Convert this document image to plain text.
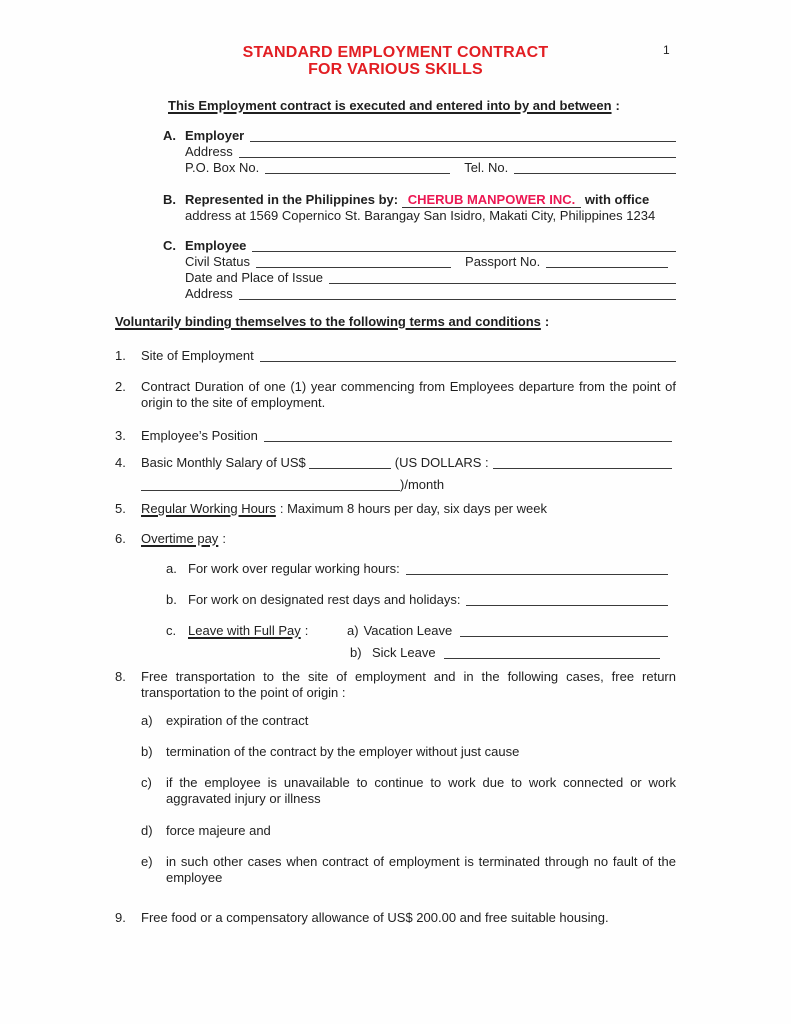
1
STANDARD EMPLOYMENT CONTRACT
FOR VARIOUS SKILLS
This Employment contract is executed and entered into by and between :
A. Employer
Address
P.O. Box No.	Tel. No.
B. Represented in the Philippines by: CHERUB MANPOWER INC. with office
address at 1569 Copernico St. Barangay San Isidro, Makati City, Philippines 1234
C. Employee
Civil Status	Passport No.
Date and Place of Issue
Address
Voluntarily binding themselves to the following terms and conditions :
1.	Site of Employment
2.	Contract Duration of one (1) year commencing from Employees departure from the point of origin to the site of employment.
3.	Employee’s Position
4.	Basic Monthly Salary of US$	(US DOLLARS :
)/month
5.	Regular Working Hours : Maximum 8 hours per day, six days per week
6.	Overtime pay :
a. For work over regular working hours:
b. For work on designated rest days and holidays:
c. Leave with Full Pay :	a) Vacation Leave
b) Sick Leave
8.	Free transportation to the site of employment and in the following cases, free return transportation to the point of origin :
a)	expiration of the contract
b)	termination of the contract by the employer without just cause
c)	if the employee is unavailable to continue to work due to work connected or work aggravated injury or illness
d)	force majeure and
e)	in such other cases when contract of employment is terminated through no fault of the employee
9.	Free food or a compensatory allowance of US$ 200.00 and free suitable housing.
